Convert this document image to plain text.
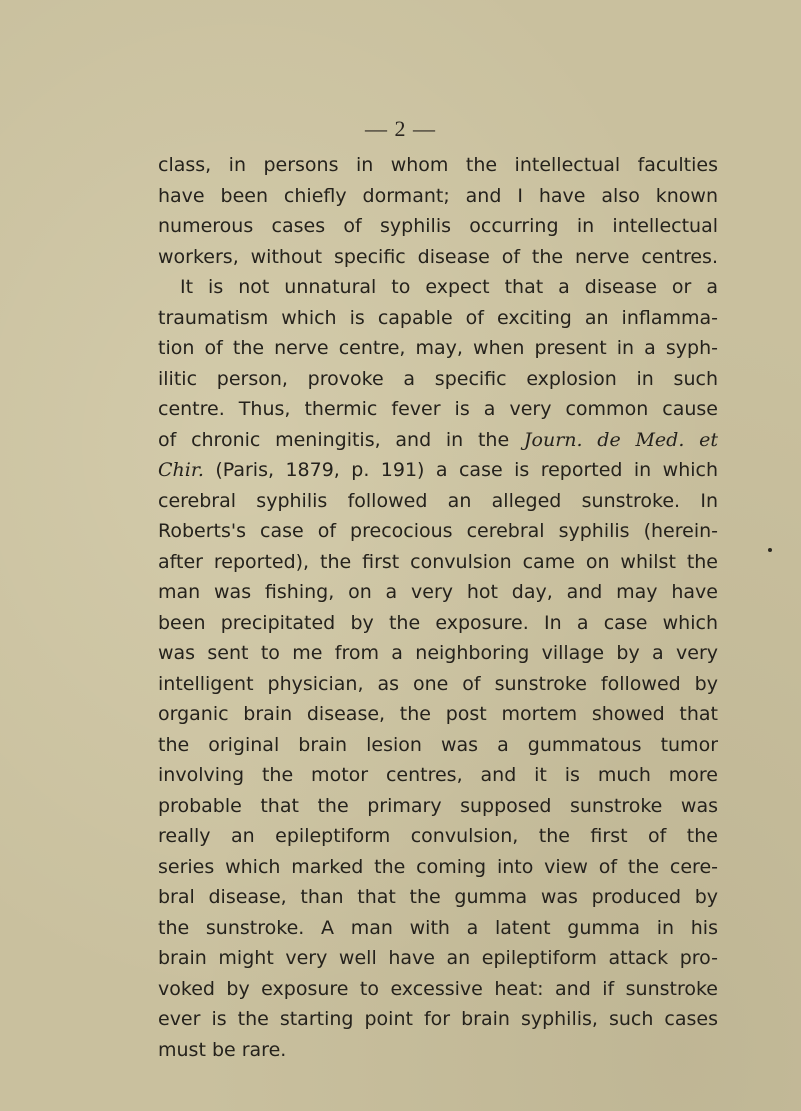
— 2 —
class, in persons in whom the intellectual faculties
have been chiefly dormant; and I have also known
numerous cases of syphilis occurring in intellectual
workers, without specific disease of the nerve centres.
It is not unnatural to expect that a disease or a
traumatism which is capable of exciting an inflamma-
tion of the nerve centre, may, when present in a syph-
ilitic person, provoke a specific explosion in such
centre. Thus, thermic fever is a very common cause
of chronic meningitis, and in the Journ. de Med. et
Chir. (Paris, 1879, p. 191) a case is reported in which
cerebral syphilis followed an alleged sunstroke. In
Roberts's case of precocious cerebral syphilis (herein-
after reported), the first convulsion came on whilst the
man was fishing, on a very hot day, and may have
been precipitated by the exposure. In a case which
was sent to me from a neighboring village by a very
intelligent physician, as one of sunstroke followed by
organic brain disease, the post mortem showed that
the original brain lesion was a gummatous tumor
involving the motor centres, and it is much more
probable that the primary supposed sunstroke was
really an epileptiform convulsion, the first of the
series which marked the coming into view of the cere-
bral disease, than that the gumma was produced by
the sunstroke. A man with a latent gumma in his
brain might very well have an epileptiform attack pro-
voked by exposure to excessive heat: and if sunstroke
ever is the starting point for brain syphilis, such cases
must be rare.
